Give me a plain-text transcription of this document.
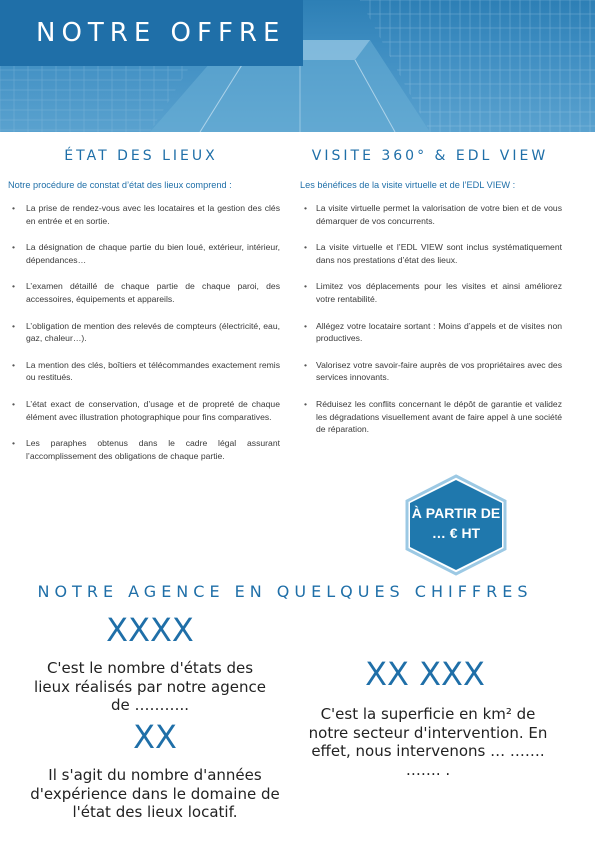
NOTRE OFFRE
ÉTAT DES LIEUX
Notre procédure de constat d’état des lieux comprend :
• La prise de rendez-vous avec les locataires et la gestion des clés en entrée et en sortie.
• La désignation de chaque partie du bien loué, extérieur, intérieur, dépendances…
• L’examen détaillé de chaque partie de chaque paroi, des accessoires, équipements et appareils.
• L’obligation de mention des relevés de compteurs (électricité, eau, gaz, chaleur…).
• La mention des clés, boîtiers et télécommandes exactement remis ou restitués.
• L’état exact de conservation, d’usage et de propreté de chaque élément avec illustration photographique pour fins comparatives.
• Les paraphes obtenus dans le cadre légal assurant l’accomplissement des obligations de chaque partie.
VISITE 360° & EDL VIEW
Les bénéfices de la visite virtuelle et de l’EDL VIEW :
• La visite virtuelle permet la valorisation de votre bien et de vous démarquer de vos concurrents.
• La visite virtuelle et l’EDL VIEW sont inclus systématiquement dans nos prestations d’état des lieux.
• Limitez vos déplacements pour les visites et ainsi améliorez votre rentabilité.
• Allégez votre locataire sortant : Moins d’appels et de visites non productives.
• Valorisez votre savoir-faire auprès de vos propriétaires avec des services innovants.
• Réduisez les conflits concernant le dépôt de garantie et validez les dégradations visuellement avant de faire appel à une société de réparation.
À PARTIR DE
… € HT
NOTRE AGENCE EN QUELQUES CHIFFRES
XXXX
C'est le nombre d'états des lieux réalisés par notre agence de ………..
XX
Il s'agit du nombre d'années d'expérience dans le domaine de l'état des lieux locatif.
XX XXX
C'est la superficie en km² de notre secteur d'intervention. En effet, nous intervenons … ……. ……. .
